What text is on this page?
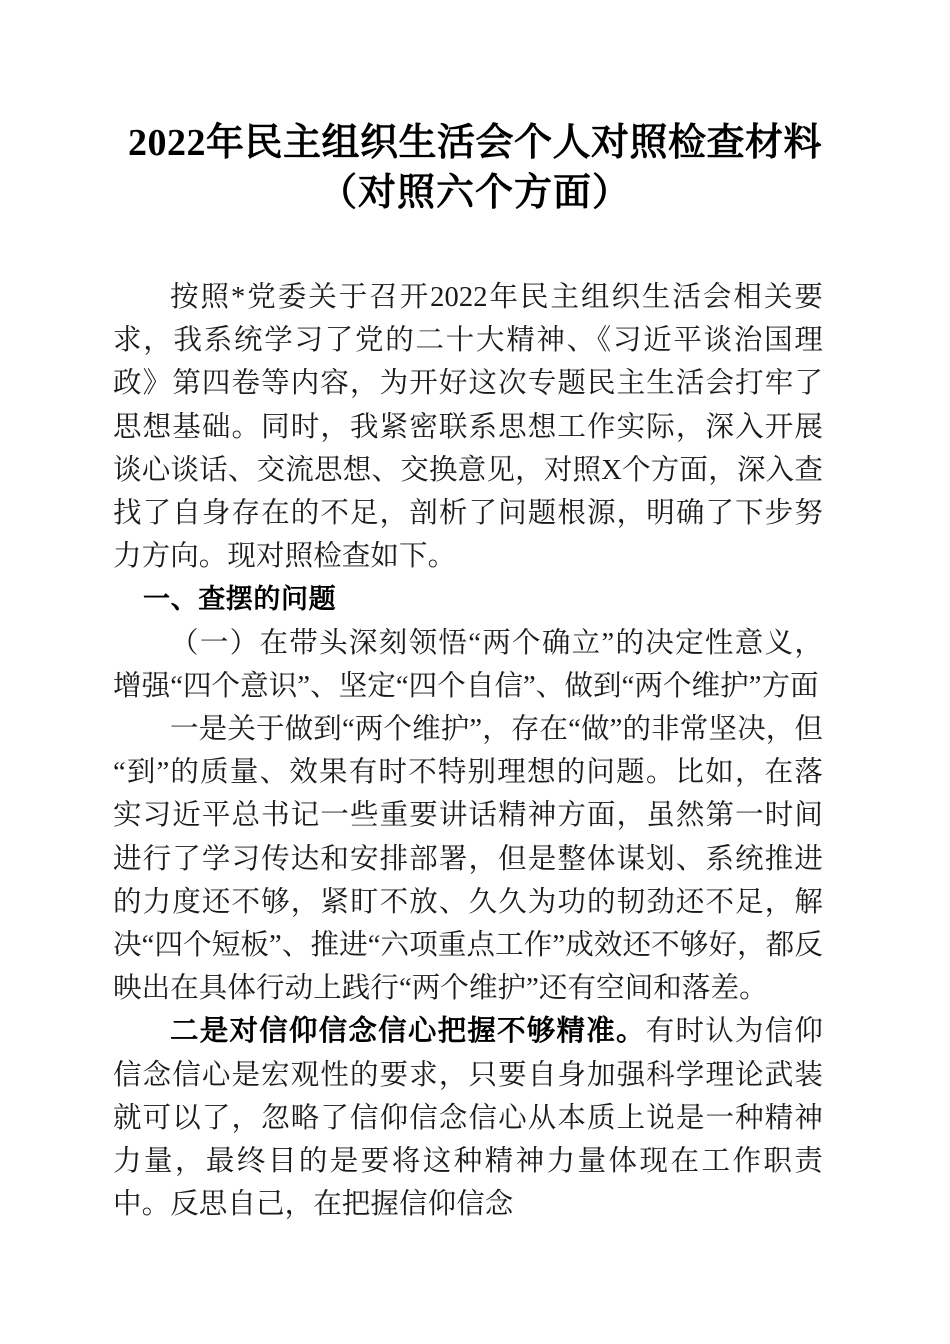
2022年民主组织生活会个人对照检查材料
（对照六个方面）

按照*党委关于召开2022年民主组织生活会相关要求，我系统学习了党的二十大精神、《习近平谈治国理政》第四卷等内容，为开好这次专题民主生活会打牢了思想基础。同时，我紧密联系思想工作实际，深入开展谈心谈话、交流思想、交换意见，对照X个方面，深入查找了自身存在的不足，剖析了问题根源，明确了下步努力方向。现对照检查如下。

一、查摆的问题

（一）在带头深刻领悟“两个确立”的决定性意义，增强“四个意识”、坚定“四个自信”、做到“两个维护”方面

一是关于做到“两个维护”，存在“做”的非常坚决，但“到”的质量、效果有时不特别理想的问题。比如，在落实习近平总书记一些重要讲话精神方面，虽然第一时间进行了学习传达和安排部署，但是整体谋划、系统推进的力度还不够，紧盯不放、久久为功的韧劲还不足，解决“四个短板”、推进“六项重点工作”成效还不够好，都反映出在具体行动上践行“两个维护”还有空间和落差。

二是对信仰信念信心把握不够精准。有时认为信仰信念信心是宏观性的要求，只要自身加强科学理论武装就可以了，忽略了信仰信念信心从本质上说是一种精神力量，最终目的是要将这种精神力量体现在工作职责中。反思自己，在把握信仰信念
